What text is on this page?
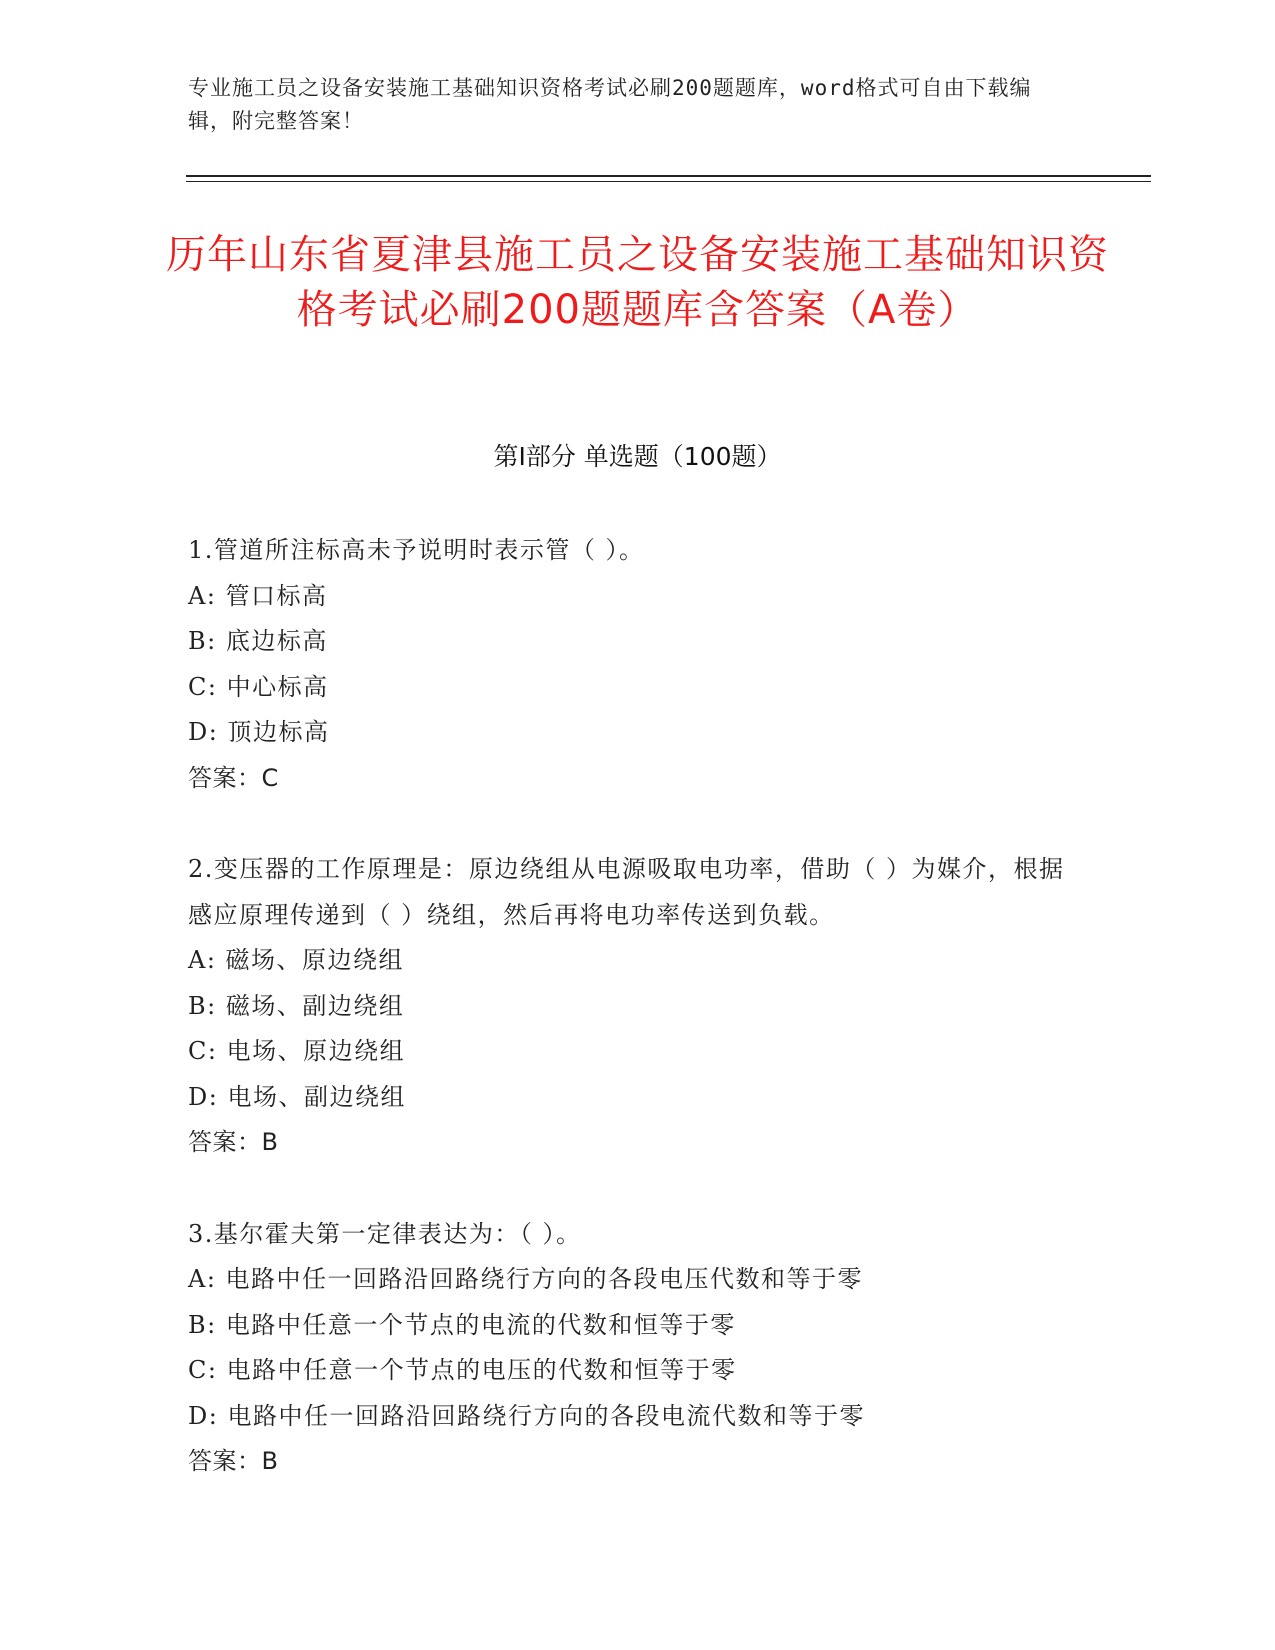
专业施工员之设备安装施工基础知识资格考试必刷200题题库，word格式可自由下载编辑，附完整答案！
历年山东省夏津县施工员之设备安装施工基础知识资格考试必刷200题题库含答案（A卷）
第I部分 单选题（100题）

1.管道所注标高未予说明时表示管（ ）。

A: 管口标高

B: 底边标高

C: 中心标高

D: 顶边标高

答案：C

2.变压器的工作原理是：原边绕组从电源吸取电功率，借助（ ）为媒介，根据感应原理传递到（ ）绕组，然后再将电功率传送到负载。

A: 磁场、原边绕组

B: 磁场、副边绕组

C: 电场、原边绕组

D: 电场、副边绕组

答案：B

3.基尔霍夫第一定律表达为：（ ）。

A: 电路中任一回路沿回路绕行方向的各段电压代数和等于零

B: 电路中任意一个节点的电流的代数和恒等于零

C: 电路中任意一个节点的电压的代数和恒等于零

D: 电路中任一回路沿回路绕行方向的各段电流代数和等于零

答案：B
